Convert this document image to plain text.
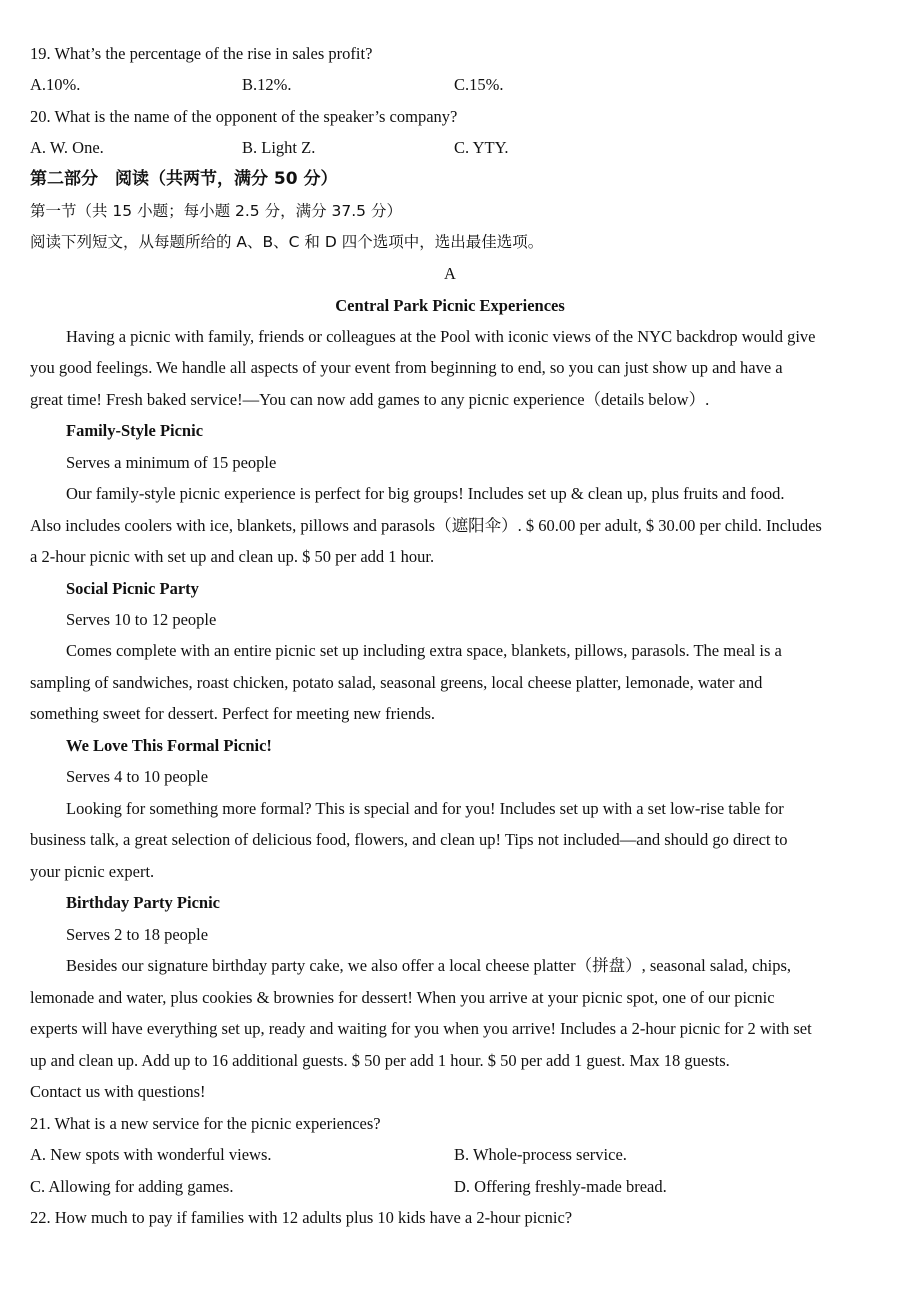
19. What’s the percentage of the rise in sales profit?
A.10%.	B.12%.	C.15%.
20. What is the name of the opponent of the speaker’s company?
A. W. One.	B. Light Z.	C. YTY.
第二部分　阅读（共两节，满分 50 分）
第一节（共 15 小题；每小题 2.5 分，满分 37.5 分）
阅读下列短文，从每题所给的 A、B、C 和 D 四个选项中，选出最佳选项。
A
Central Park Picnic Experiences
Having a picnic with family, friends or colleagues at the Pool with iconic views of the NYC backdrop would give
you good feelings. We handle all aspects of your event from beginning to end, so you can just show up and have a
great time! Fresh baked service!—You can now add games to any picnic experience（details below）.
Family-Style Picnic
Serves a minimum of 15 people
Our family-style picnic experience is perfect for big groups! Includes set up & clean up, plus fruits and food.
Also includes coolers with ice, blankets, pillows and parasols（遮阳伞）. $ 60.00 per adult, $ 30.00 per child. Includes
a 2-hour picnic with set up and clean up. $ 50 per add 1 hour.
Social Picnic Party
Serves 10 to 12 people
Comes complete with an entire picnic set up including extra space, blankets, pillows, parasols. The meal is a
sampling of sandwiches, roast chicken, potato salad, seasonal greens, local cheese platter, lemonade, water and
something sweet for dessert. Perfect for meeting new friends.
We Love This Formal Picnic!
Serves 4 to 10 people
Looking for something more formal? This is special and for you! Includes set up with a set low-rise table for
business talk, a great selection of delicious food, flowers, and clean up! Tips not included—and should go direct to
your picnic expert.
Birthday Party Picnic
Serves 2 to 18 people
Besides our signature birthday party cake, we also offer a local cheese platter（拼盘）, seasonal salad, chips,
lemonade and water, plus cookies & brownies for dessert! When you arrive at your picnic spot, one of our picnic
experts will have everything set up, ready and waiting for you when you arrive! Includes a 2-hour picnic for 2 with set
up and clean up. Add up to 16 additional guests. $ 50 per add 1 hour. $ 50 per add 1 guest. Max 18 guests.
Contact us with questions!
21. What is a new service for the picnic experiences?
A. New spots with wonderful views.	B. Whole-process service.
C. Allowing for adding games.	D. Offering freshly-made bread.
22. How much to pay if families with 12 adults plus 10 kids have a 2-hour picnic?
